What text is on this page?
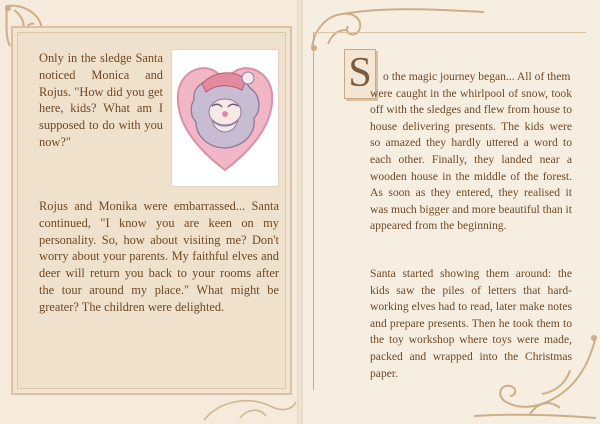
Only in the sledge Santa noticed Monica and Rojus. "How did you get here, kids? What am I supposed to do with you now?"
Rojus and Monika were embarrassed... Santa continued, "I know you are keen on my personality. So, how about visiting me? Don't worry about your parents. My faithful elves and deer will return you back to your rooms after the tour around my place." What might be greater? The children were delighted.
S o the magic journey began... All of them
were caught in the whirlpool of snow, took off with the sledges and flew from house to house delivering presents. The kids were so amazed they hardly uttered a word to each other. Finally, they landed near a wooden house in the middle of the forest. As soon as they entered, they realised it was much bigger and more beautiful than it appeared from the beginning.
Santa started showing them around: the kids saw the piles of letters that hard-working elves had to read, later make notes and prepare presents. Then he took them to the toy workshop where toys were made, packed and wrapped into the Christmas paper.
